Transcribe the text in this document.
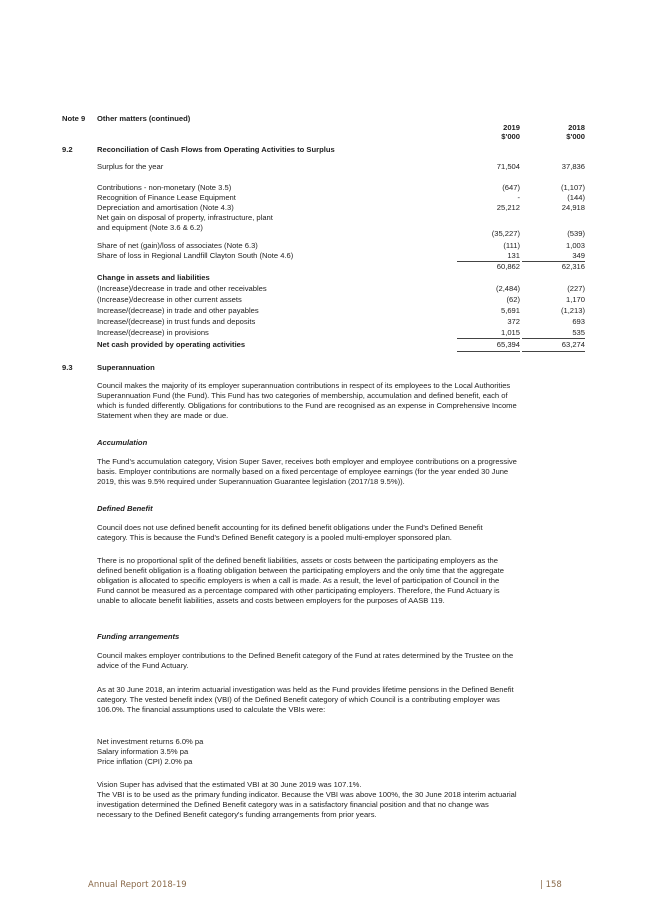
Note 9 Other matters (continued)
2019	2018
$'000	$'000
9.2	Reconciliation of Cash Flows from Operating Activities to Surplus
Surplus for the year	71,504	37,836
Contributions - non-monetary (Note 3.5)	(647)	(1,107)
Recognition of Finance Lease Equipment	-	(144)
Depreciation and amortisation (Note 4.3)	25,212	24,918
Net gain on disposal of property, infrastructure, plant
and equipment (Note 3.6 & 6.2)
(35,227)	(539)
Share of net (gain)/loss of associates (Note 6.3)	(111)	1,003
Share of loss in Regional Landfill Clayton South (Note 4.6)	131	349
60,862	62,316
Change in assets and liabilities
(Increase)/decrease in trade and other receivables	(2,484)	(227)
(Increase)/decrease in other current assets	(62)	1,170
Increase/(decrease) in trade and other payables	5,691	(1,213)
Increase/(decrease) in trust funds and deposits	372	693
Increase/(decrease) in provisions	1,015	535
Net cash provided by operating activities	65,394	63,274
9.3	Superannuation
Council makes the majority of its employer superannuation contributions in respect of its employees to the Local Authorities
Superannuation Fund (the Fund). This Fund has two categories of membership, accumulation and defined benefit, each of
which is funded differently. Obligations for contributions to the Fund are recognised as an expense in Comprehensive Income
Statement when they are made or due.
Accumulation
The Fund's accumulation category, Vision Super Saver, receives both employer and employee contributions on a progressive
basis. Employer contributions are normally based on a fixed percentage of employee earnings (for the year ended 30 June
2019, this was 9.5% required under Superannuation Guarantee legislation (2017/18 9.5%)).
Defined Benefit
Council does not use defined benefit accounting for its defined benefit obligations under the Fund's Defined Benefit
category. This is because the Fund's Defined Benefit category is a pooled multi-employer sponsored plan.
There is no proportional split of the defined benefit liabilities, assets or costs between the participating employers as the
defined benefit obligation is a floating obligation between the participating employers and the only time that the aggregate
obligation is allocated to specific employers is when a call is made. As a result, the level of participation of Council in the
Fund cannot be measured as a percentage compared with other participating employers. Therefore, the Fund Actuary is
unable to allocate benefit liabilities, assets and costs between employers for the purposes of AASB 119.
Funding arrangements
Council makes employer contributions to the Defined Benefit category of the Fund at rates determined by the Trustee on the
advice of the Fund Actuary.
As at 30 June 2018, an interim actuarial investigation was held as the Fund provides lifetime pensions in the Defined Benefit
category. The vested benefit index (VBI) of the Defined Benefit category of which Council is a contributing employer was
106.0%. The financial assumptions used to calculate the VBIs were:
Net investment returns 6.0% pa
Salary information 3.5% pa
Price inflation (CPI) 2.0% pa
Vision Super has advised that the estimated VBI at 30 June 2019 was 107.1%.
The VBI is to be used as the primary funding indicator. Because the VBI was above 100%, the 30 June 2018 interim actuarial
investigation determined the Defined Benefit category was in a satisfactory financial position and that no change was
necessary to the Defined Benefit category's funding arrangements from prior years.
Annual Report 2018-19	| 158
